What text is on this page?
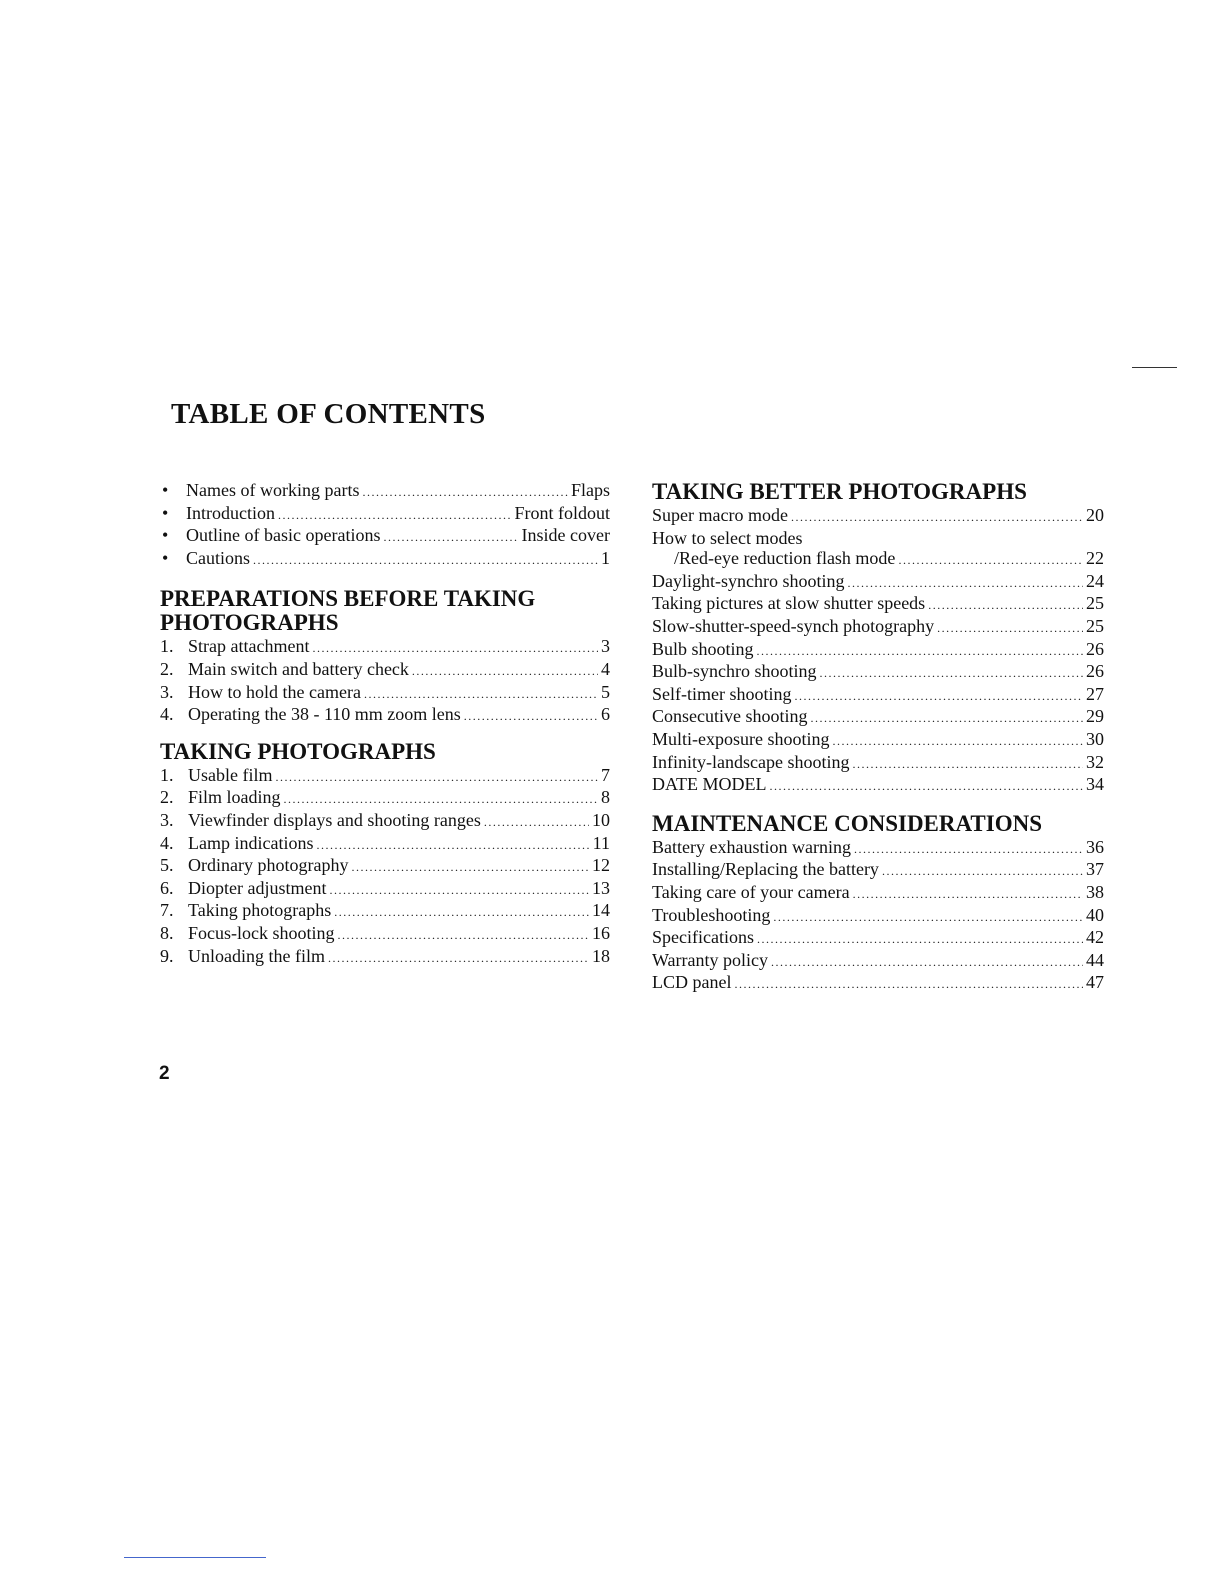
TABLE OF CONTENTS
• Names of working parts .....	Flaps
• Introduction .....	Front foldout
• Outline of basic operations .....	Inside cover
• Cautions .....	1
PREPARATIONS BEFORE TAKING
PHOTOGRAPHS
1. Strap attachment .....	3
2. Main switch and battery check .....	4
3. How to hold the camera .....	5
4. Operating the 38 - 110 mm zoom lens .....	6
TAKING PHOTOGRAPHS
1. Usable film .....	7
2. Film loading .....	8
3. Viewfinder displays and shooting ranges .....	10
4. Lamp indications .....	11
5. Ordinary photography .....	12
6. Diopter adjustment .....	13
7. Taking photographs .....	14
8. Focus-lock shooting .....	16
9. Unloading the film .....	18
TAKING BETTER PHOTOGRAPHS
Super macro mode .....	20
How to select modes
/Red-eye reduction flash mode .....	22
Daylight-synchro shooting .....	24
Taking pictures at slow shutter speeds .....	25
Slow-shutter-speed-synch photography .....	25
Bulb shooting .....	26
Bulb-synchro shooting .....	26
Self-timer shooting .....	27
Consecutive shooting .....	29
Multi-exposure shooting .....	30
Infinity-landscape shooting .....	32
DATE MODEL .....	34
MAINTENANCE CONSIDERATIONS
Battery exhaustion warning .....	36
Installing/Replacing the battery .....	37
Taking care of your camera .....	38
Troubleshooting .....	40
Specifications .....	42
Warranty policy .....	44
LCD panel .....	47
2
